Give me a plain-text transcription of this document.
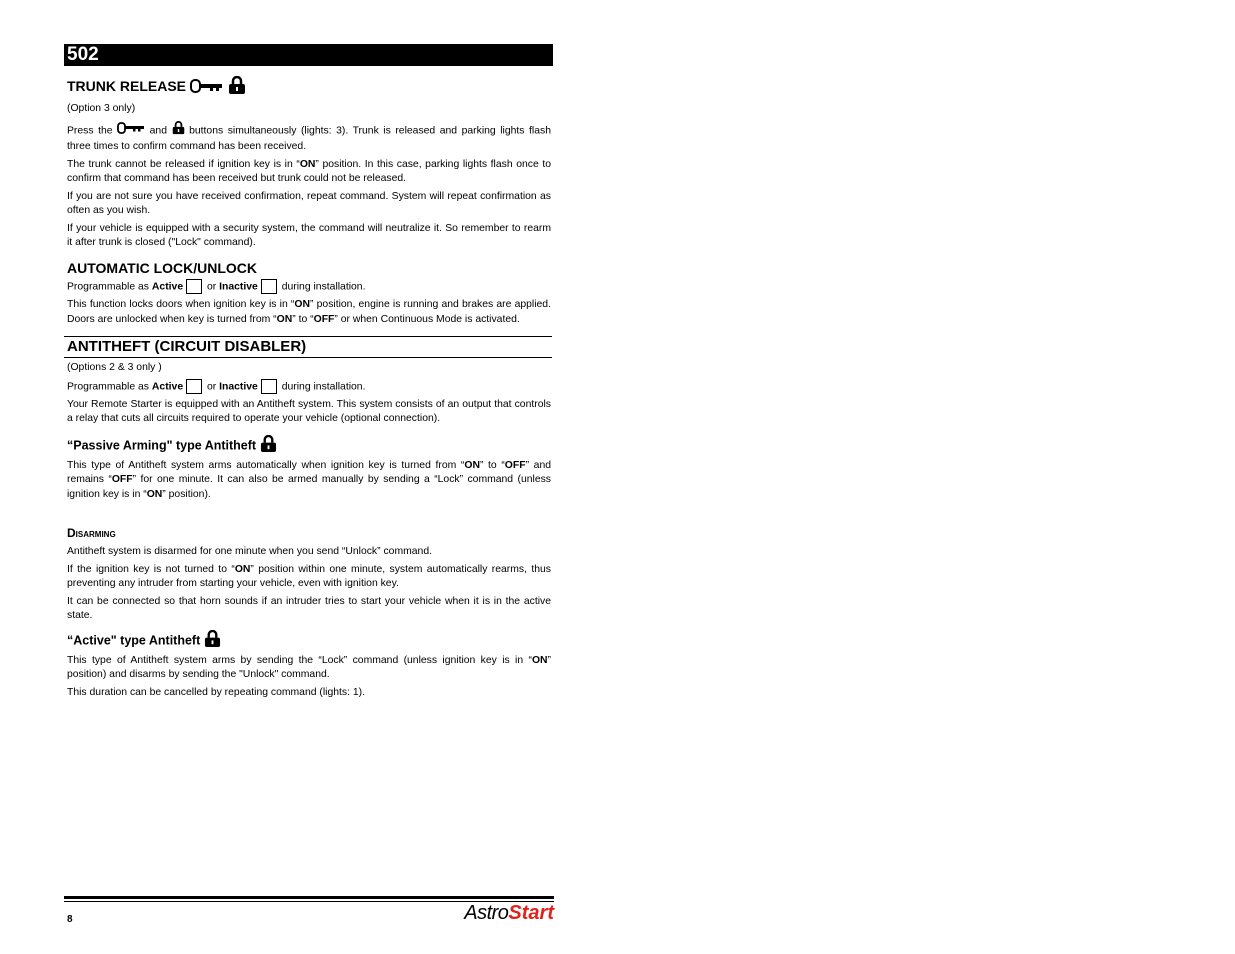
502
TRUNK RELEASE

(Option 3 only)

Press the	and buttons simultaneously (lights: 3). Trunk is released and parking lights flash three times to confirm command has been received.

The trunk cannot be released if ignition key is in “ON” position. In this case, parking lights flash once to confirm that command has been received but trunk could not be released.

If you are not sure you have received confirmation, repeat command. System will repeat confirmation as often as you wish.

If your vehicle is equipped with a security system, the command will neutralize it. So remember to rearm it after trunk is closed ("Lock" command).

AUTOMATIC LOCK/UNLOCK

Programmable as Active or Inactive during installation.

This function locks doors when ignition key is in “ON” position, engine is running and brakes are applied. Doors are unlocked when key is turned from “ON” to “OFF” or when Continuous Mode is activated.

ANTITHEFT (CIRCUIT DISABLER)

(Options 2 & 3 only )

Programmable as Active or Inactive during installation.

Your Remote Starter is equipped with an Antitheft system. This system consists of an output that controls a relay that cuts all circuits required to operate your vehicle (optional connection).

“Passive Arming" type Antitheft

This type of Antitheft system arms automatically when ignition key is turned from “ON” to “OFF” and remains “OFF” for one minute. It can also be armed manually by sending a “Lock” command (unless ignition key is in “ON” position).

Disarming

Antitheft system is disarmed for one minute when you send “Unlock” command.

If the ignition key is not turned to “ON” position within one minute, system automatically rearms, thus preventing any intruder from starting your vehicle, even with ignition key.

It can be connected so that horn sounds if an intruder tries to start your vehicle when it is in the active state.

“Active" type Antitheft

This type of Antitheft system arms by sending the “Lock” command (unless ignition key is in “ON” position) and disarms by sending the "Unlock" command.

This duration can be cancelled by repeating command (lights: 1).

8	AstroStart
